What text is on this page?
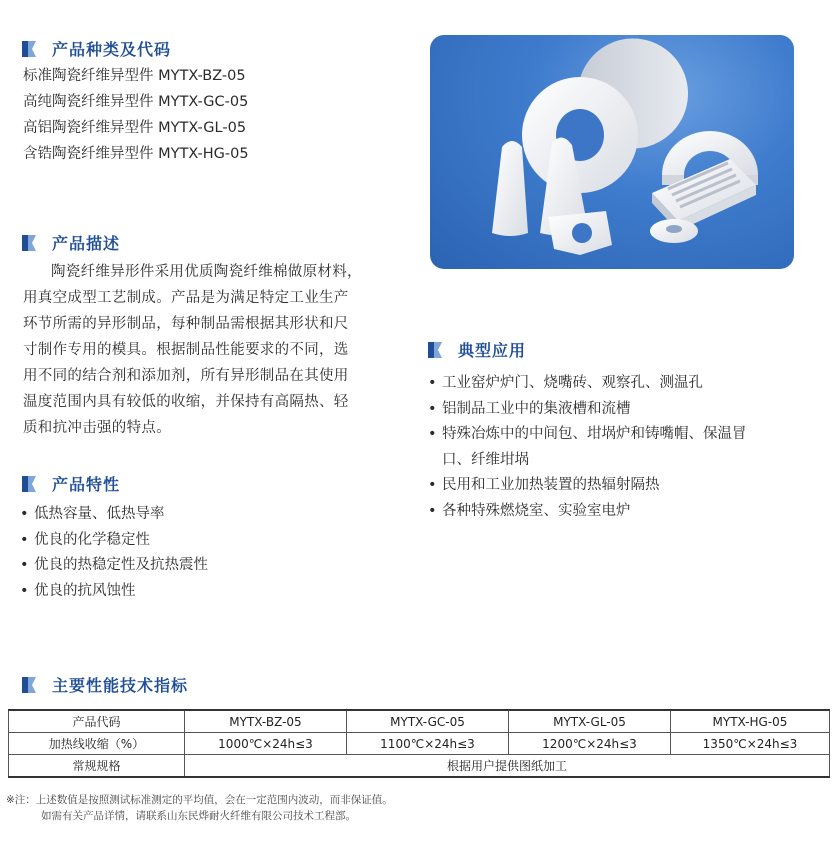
产品种类及代码
标准陶瓷纤维异型件 MYTX-BZ-05
高纯陶瓷纤维异型件 MYTX-GC-05
高铝陶瓷纤维异型件 MYTX-GL-05
含锆陶瓷纤维异型件 MYTX-HG-05
产品描述
陶瓷纤维异形件采用优质陶瓷纤维棉做原材料，
用真空成型工艺制成。产品是为满足特定工业生产
环节所需的异形制品，每种制品需根据其形状和尺
寸制作专用的模具。根据制品性能要求的不同，选
用不同的结合剂和添加剂，所有异形制品在其使用
温度范围内具有较低的收缩，并保持有高隔热、轻
质和抗冲击强的特点。
产品特性
• 低热容量、低热导率
• 优良的化学稳定性
• 优良的热稳定性及抗热震性
• 优良的抗风蚀性
典型应用
• 工业窑炉炉门、烧嘴砖、观察孔、测温孔
• 铝制品工业中的集液槽和流槽
• 特殊冶炼中的中间包、坩埚炉和铸嘴帽、保温冒
口、纤维坩埚
• 民用和工业加热装置的热辐射隔热
• 各种特殊燃烧室、实验室电炉
主要性能技术指标
产品代码	MYTX-BZ-05	MYTX-GC-05	MYTX-GL-05	MYTX-HG-05
加热线收缩（%）	1000℃×24h≤3	1100℃×24h≤3	1200℃×24h≤3	1350℃×24h≤3
常规规格	根据用户提供图纸加工			
※注：上述数值是按照测试标准测定的平均值，会在一定范围内波动，而非保证值。
如需有关产品详情，请联系山东民烨耐火纤维有限公司技术工程部。
